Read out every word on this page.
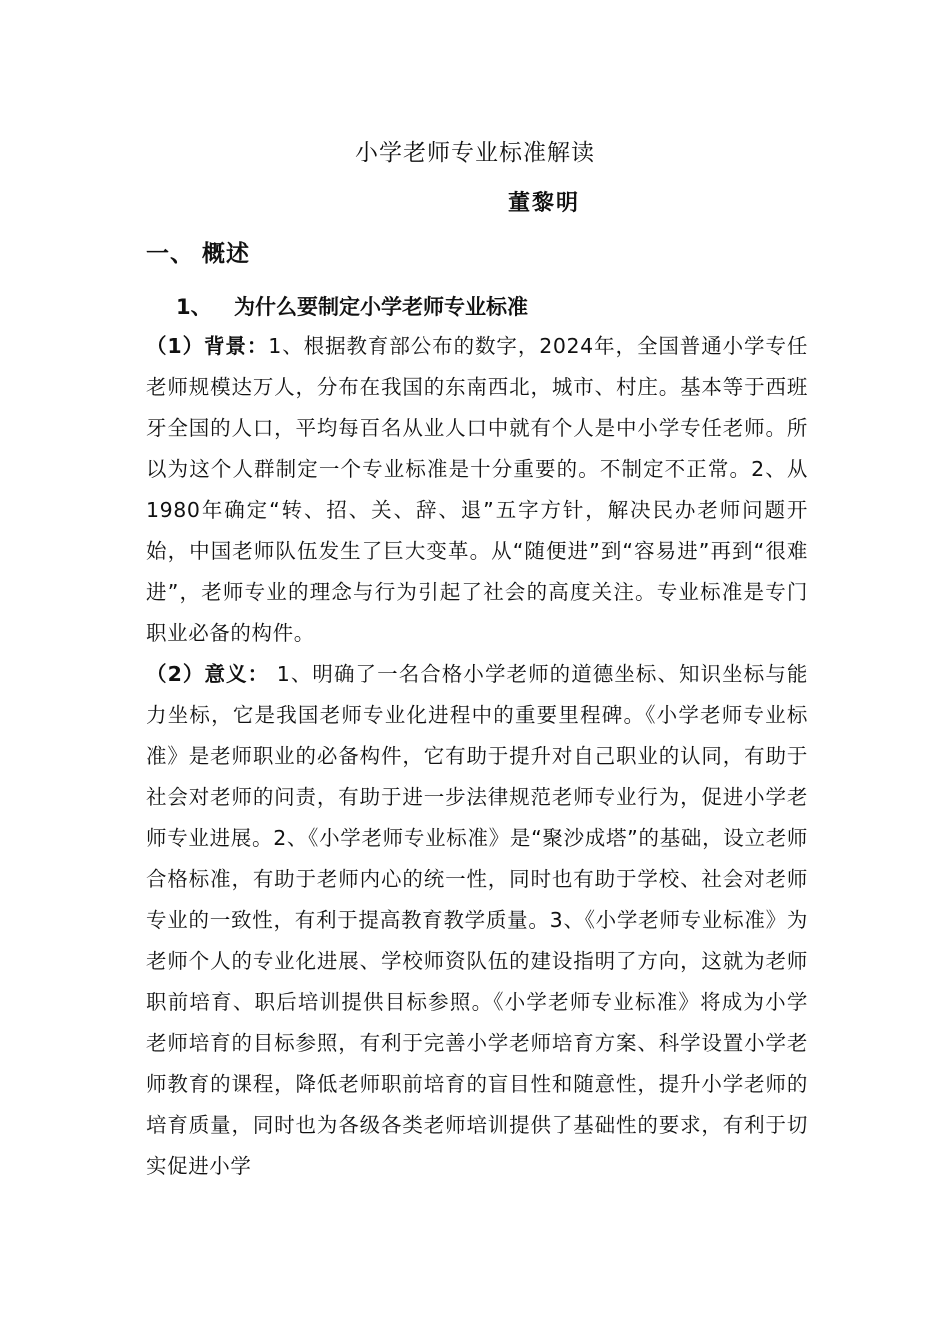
小学老师专业标准解读
董黎明
一、 概述
1、 为什么要制定小学老师专业标准
（1）背景：1、根据教育部公布的数字，2024年，全国普通小学专任老师规模达万人，分布在我国的东南西北，城市、村庄。基本等于西班牙全国的人口，平均每百名从业人口中就有个人是中小学专任老师。所以为这个人群制定一个专业标准是十分重要的。不制定不正常。2、从1980年确定“转、招、关、辞、退”五字方针，解决民办老师问题开始，中国老师队伍发生了巨大变革。从“随便进”到“容易进”再到“很难进”，老师专业的理念与行为引起了社会的高度关注。专业标准是专门职业必备的构件。
（2）意义： 1、明确了一名合格小学老师的道德坐标、知识坐标与能力坐标，它是我国老师专业化进程中的重要里程碑。《小学老师专业标准》是老师职业的必备构件，它有助于提升对自己职业的认同，有助于社会对老师的问责，有助于进一步法律规范老师专业行为，促进小学老师专业进展。2、《小学老师专业标准》是“聚沙成塔”的基础，设立老师合格标准，有助于老师内心的统一性，同时也有助于学校、社会对老师专业的一致性，有利于提高教育教学质量。3、《小学老师专业标准》为老师个人的专业化进展、学校师资队伍的建设指明了方向，这就为老师职前培育、职后培训提供目标参照。《小学老师专业标准》将成为小学老师培育的目标参照，有利于完善小学老师培育方案、科学设置小学老师教育的课程，降低老师职前培育的盲目性和随意性，提升小学老师的培育质量，同时也为各级各类老师培训提供了基础性的要求，有利于切实促进小学
